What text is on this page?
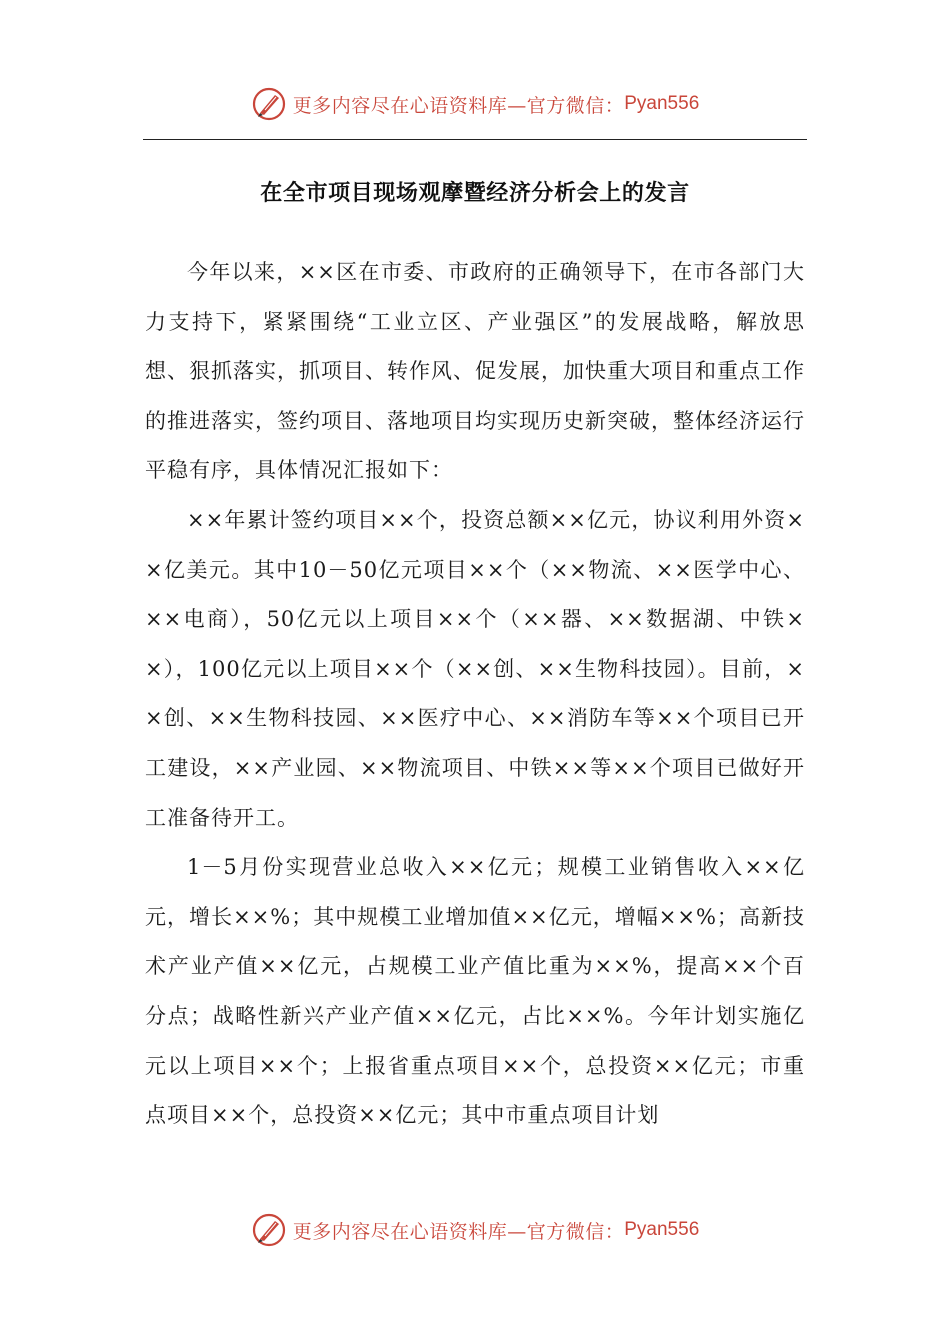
更多内容尽在心语资料库—官方微信： Pyan556
在全市项目现场观摩暨经济分析会上的发言

今年以来，××区在市委、市政府的正确领导下，在市各部门大力支持下，紧紧围绕“工业立区、产业强区”的发展战略，解放思想、狠抓落实，抓项目、转作风、促发展，加快重大项目和重点工作的推进落实，签约项目、落地项目均实现历史新突破，整体经济运行平稳有序，具体情况汇报如下：

××年累计签约项目××个，投资总额××亿元，协议利用外资××亿美元。其中10－50亿元项目××个（××物流、××医学中心、××电商），50亿元以上项目××个（××器、××数据湖、中铁××），100亿元以上项目××个（××创、××生物科技园）。目前，××创、××生物科技园、××医疗中心、××消防车等××个项目已开工建设，××产业园、××物流项目、中铁××等××个项目已做好开工准备待开工。

1－5月份实现营业总收入××亿元；规模工业销售收入××亿元，增长××%；其中规模工业增加值××亿元，增幅××%；高新技术产业产值××亿元，占规模工业产值比重为××%，提高××个百分点；战略性新兴产业产值××亿元，占比××%。今年计划实施亿元以上项目××个；上报省重点项目××个，总投资××亿元；市重点项目××个，总投资××亿元；其中市重点项目计划

更多内容尽在心语资料库—官方微信： Pyan556
